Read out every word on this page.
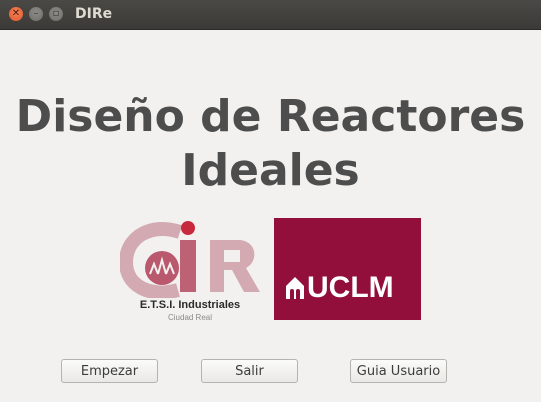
✕	–	▫ DIRe
Diseño de Reactores
Ideales
E.T.S.I. Industriales
Ciudad Real
UCLM
Empezar	Salir	Guia Usuario
